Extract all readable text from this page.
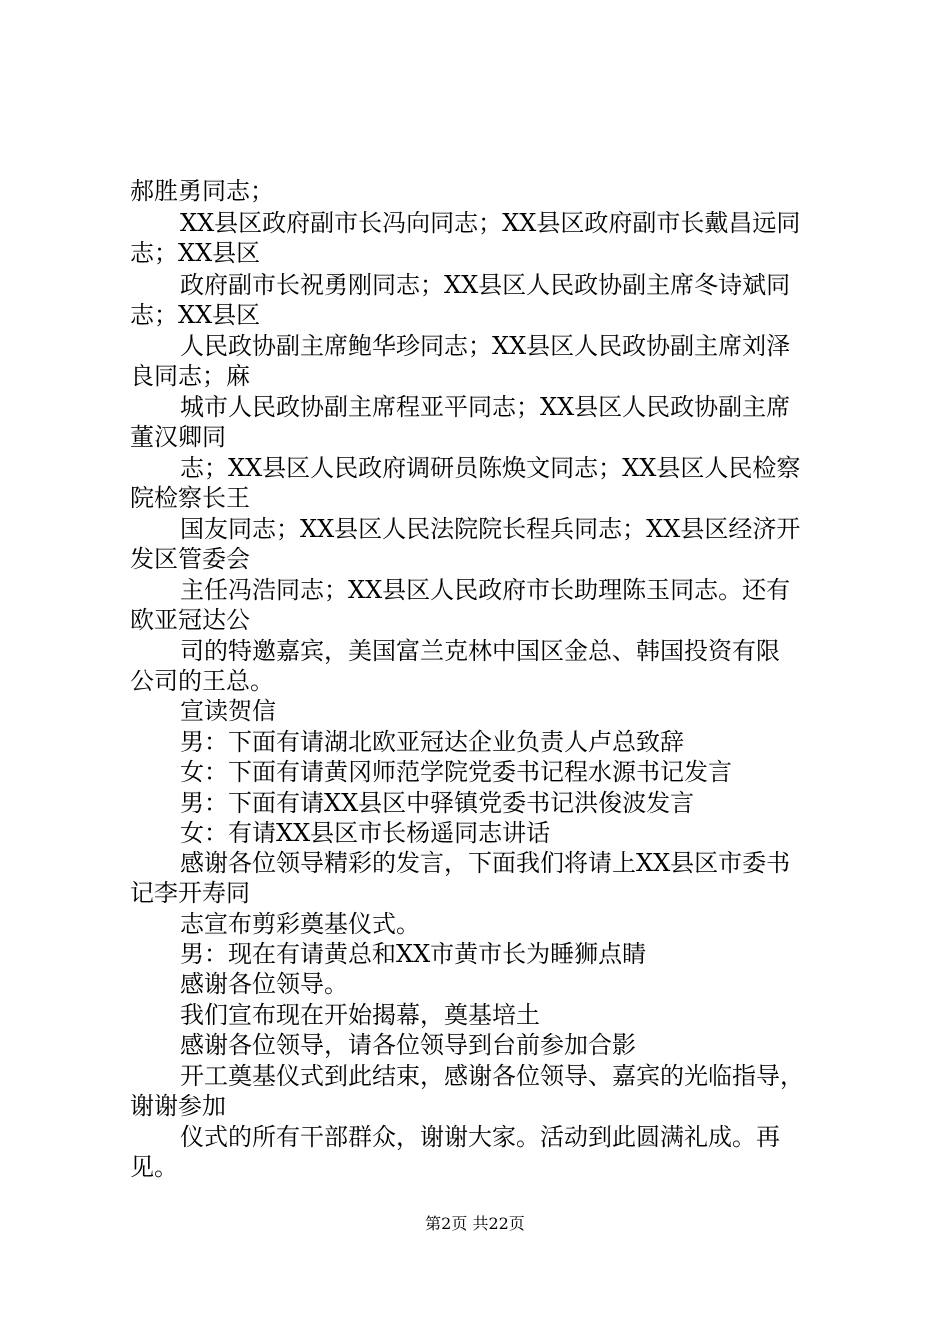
郝胜勇同志；
XX县区政府副市长冯向同志；XX县区政府副市长戴昌远同
志；XX县区
政府副市长祝勇刚同志；XX县区人民政协副主席冬诗斌同
志；XX县区
人民政协副主席鲍华珍同志；XX县区人民政协副主席刘泽
良同志；麻
城市人民政协副主席程亚平同志；XX县区人民政协副主席
董汉卿同
志；XX县区人民政府调研员陈焕文同志；XX县区人民检察
院检察长王
国友同志；XX县区人民法院院长程兵同志；XX县区经济开
发区管委会
主任冯浩同志；XX县区人民政府市长助理陈玉同志。还有
欧亚冠达公
司的特邀嘉宾，美国富兰克林中国区金总、韩国投资有限
公司的王总。
宣读贺信
男：下面有请湖北欧亚冠达企业负责人卢总致辞
女：下面有请黄冈师范学院党委书记程水源书记发言
男：下面有请XX县区中驿镇党委书记洪俊波发言
女：有请XX县区市长杨遥同志讲话
感谢各位领导精彩的发言，下面我们将请上XX县区市委书
记李开寿同
志宣布剪彩奠基仪式。
男：现在有请黄总和XX市黄市长为睡狮点睛
感谢各位领导。
我们宣布现在开始揭幕，奠基培土
感谢各位领导，请各位领导到台前参加合影
开工奠基仪式到此结束，感谢各位领导、嘉宾的光临指导，
谢谢参加
仪式的所有干部群众，谢谢大家。活动到此圆满礼成。再
见。
第2页 共22页
